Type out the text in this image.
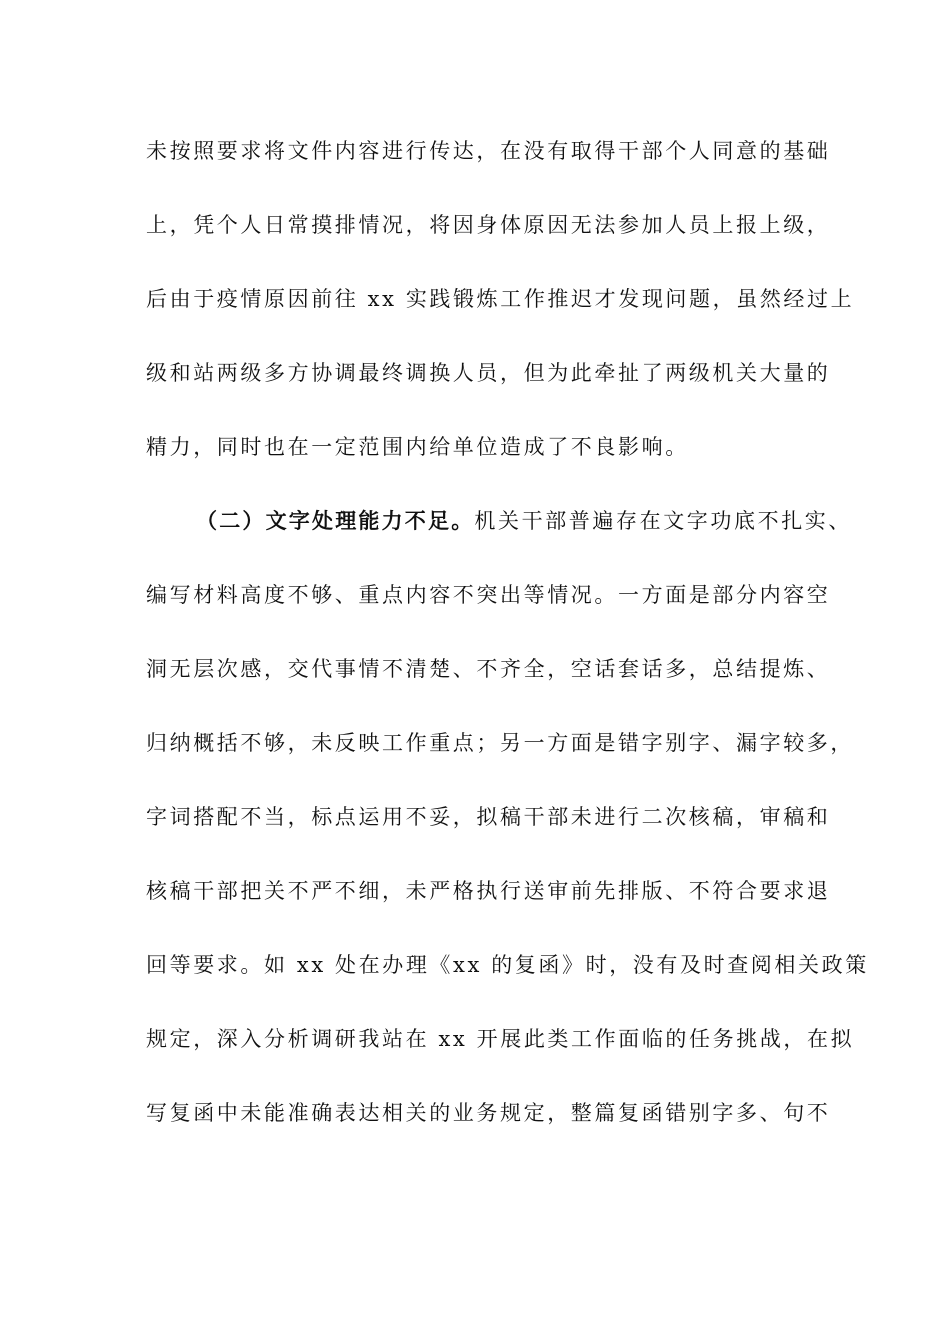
未按照要求将文件内容进行传达，在没有取得干部个人同意的基础
上，凭个人日常摸排情况，将因身体原因无法参加人员上报上级，
后由于疫情原因前往 xx 实践锻炼工作推迟才发现问题，虽然经过上
级和站两级多方协调最终调换人员，但为此牵扯了两级机关大量的
精力，同时也在一定范围内给单位造成了不良影响。
（二）文字处理能力不足。机关干部普遍存在文字功底不扎实、
编写材料高度不够、重点内容不突出等情况。一方面是部分内容空
洞无层次感，交代事情不清楚、不齐全，空话套话多，总结提炼、
归纳概括不够，未反映工作重点；另一方面是错字别字、漏字较多，
字词搭配不当，标点运用不妥，拟稿干部未进行二次核稿，审稿和
核稿干部把关不严不细，未严格执行送审前先排版、不符合要求退
回等要求。如 xx 处在办理《xx 的复函》时，没有及时查阅相关政策
规定，深入分析调研我站在 xx 开展此类工作面临的任务挑战，在拟
写复函中未能准确表达相关的业务规定，整篇复函错别字多、句不
